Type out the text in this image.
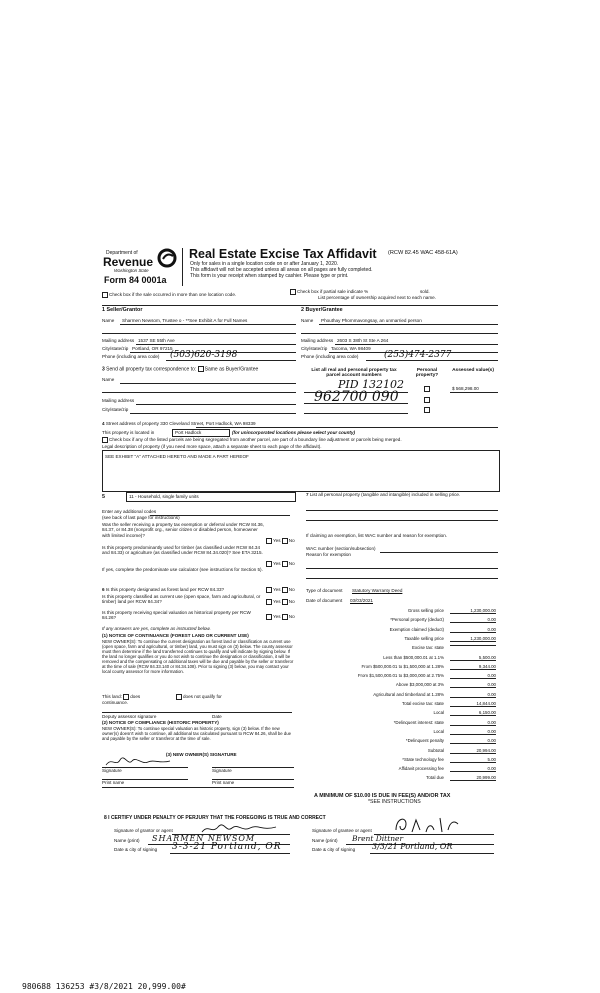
Department of
Revenue
Washington State
Form 84 0001a
Real Estate Excise Tax Affidavit (RCW 82.45 WAC 458-61A)
Only for sales in a single location code on or after January 1, 2020.
This affidavit will not be accepted unless all areas on all pages are fully completed.
This form is your receipt when stamped by cashier. Please type or print.
Check box if the sale occurred in more than one location code.
Check box if partial sale indicate %	sold.
List percentage of ownership acquired next to each name.
1 Seller/Grantor
Name Sharmen Newsom, Trustee o - **See Exhibit A for Full Names
Mailing address 1537 SE 55th Ave
City/state/zip Portland, OR 97215
Phone (including area code) (503)620-3198
2 Buyer/Grantee
Name Phouthay Phommavongsay, an unmarried person
Mailing address 2603 S 38th St Ste A 264
City/state/zip Tacoma, WA 98409
Phone (including area code)	(253)474-2377
3 Send all property tax correspondence to: Same as Buyer/Grantee
Name
Mailing address
City/state/zip
List all real and personal property tax parcel account numbers
Personal property?
Assessed value(s)
PID 132102
962700 090
$ 568,298.00
4 Street address of property 330 Cleveland Street, Port Hadlock, WA 98339
This property is located in	Port Hadlock	(for unincorporated locations please select your county)
Check box if any of the listed parcels are being segregated from another parcel, are part of a boundary line adjustment or parcels being merged.
Legal description of property (if you need more space, attach a separate sheet to each page of the affidavit).
SEE EXHIBIT "A" ATTACHED HERETO AND MADE A PART HEREOF
5	11 - Household, single family units
Enter any additional codes
(see back of last page for instructions)
Was the seller receiving a property tax exemption or deferral under RCW 84.36, 84.37, or 84.38 (nonprofit org., senior citizen or disabled person, homeowner with limited income)?
Yes No
Is this property predominantly used for timber (as classified under RCW 84.34 and 84.33) or agriculture (as classified under RCW 84.34.020)? See ETA 3215.
Yes No
If yes, complete the predominate use calculator (see instructions for Section 5).
6 Is this property designated as forest land per RCW 84.33?	Yes No
Is this property classified as current use (open space, farm and agricultural, or timber) land per RCW 84.34?	Yes No
Is this property receiving special valuation as historical property per RCW 84.26?	Yes No
If any answers are yes, complete as instructed below.
(1) NOTICE OF CONTINUANCE (FOREST LAND OR CURRENT USE)
NEW OWNER(S): To continue the current designation as forest land or classification as current use (open space, farm and agricultural, or timber) land, you must sign on (3) below. The county assessor must then determine if the land transferred continues to qualify and will indicate by signing below. If the land no longer qualifies or you do not wish to continue the designation or classification, it will be removed and the compensating or additional taxes will be due and payable by the seller or transferor at the time of sale (RCW 84.33.140 or 84.34.108). Prior to signing (3) below, you may contact your local county assessor for more information.
This land: does	does not qualify for
continuance.
Deputy assessor signature	Date
(2) NOTICE OF COMPLIANCE (HISTORIC PROPERTY)
NEW OWNER(S): To continue special valuation as historic property, sign (3) below. If the new owner(s) doesn't wish to continue, all additional tax calculated pursuant to RCW 84.26, shall be due and payable by the seller or transferor at the time of sale.
(3) NEW OWNER(S) SIGNATURE
Signature	Signature
Print name	Print name
7 List all personal property (tangible and intangible) included in selling price.
If claiming an exemption, list WAC number and reason for exemption.
WAC number (section/subsection)
Reason for exemption
Type of document Statutory Warranty Deed
Date of document 03/03/2021
Gross selling price	1,230,000.00
*Personal property (deduct)	0.00
Exemption claimed (deduct)	0.00
Taxable selling price	1,230,000.00
Excise tax: state
Less than $500,000.01 at 1.1%	5,500.00
From $500,000.01 to $1,500,000 at 1.28%	9,344.00
From $1,500,000.01 to $3,000,000 at 2.75%	0.00
Above $3,000,000 at 3%	0.00
Agricultural and timberland at 1.28%	0.00
Total excise tax: state	14,844.00
Local	6,150.00
*Delinquent interest: state	0.00
Local	0.00
*Delinquent penalty	0.00
Subtotal	20,994.00
*State technology fee	5.00
Affidavit processing fee	0.00
Total due	20,999.00
A MINIMUM OF $10.00 IS DUE IN FEE(S) AND/OR TAX
*SEE INSTRUCTIONS
8 I CERTIFY UNDER PENALTY OF PERJURY THAT THE FOREGOING IS TRUE AND CORRECT
Signature of grantor or agent
Name (print) SHARMEN NEWSOM
Date & city of signing 3-3-21 Portland, OR
Signature of grantee or agent
Name (print) Brent Dittner
Date & city of signing 3/3/21 Portland, OR
980688 136253 #3/8/2021 20,999.00#
